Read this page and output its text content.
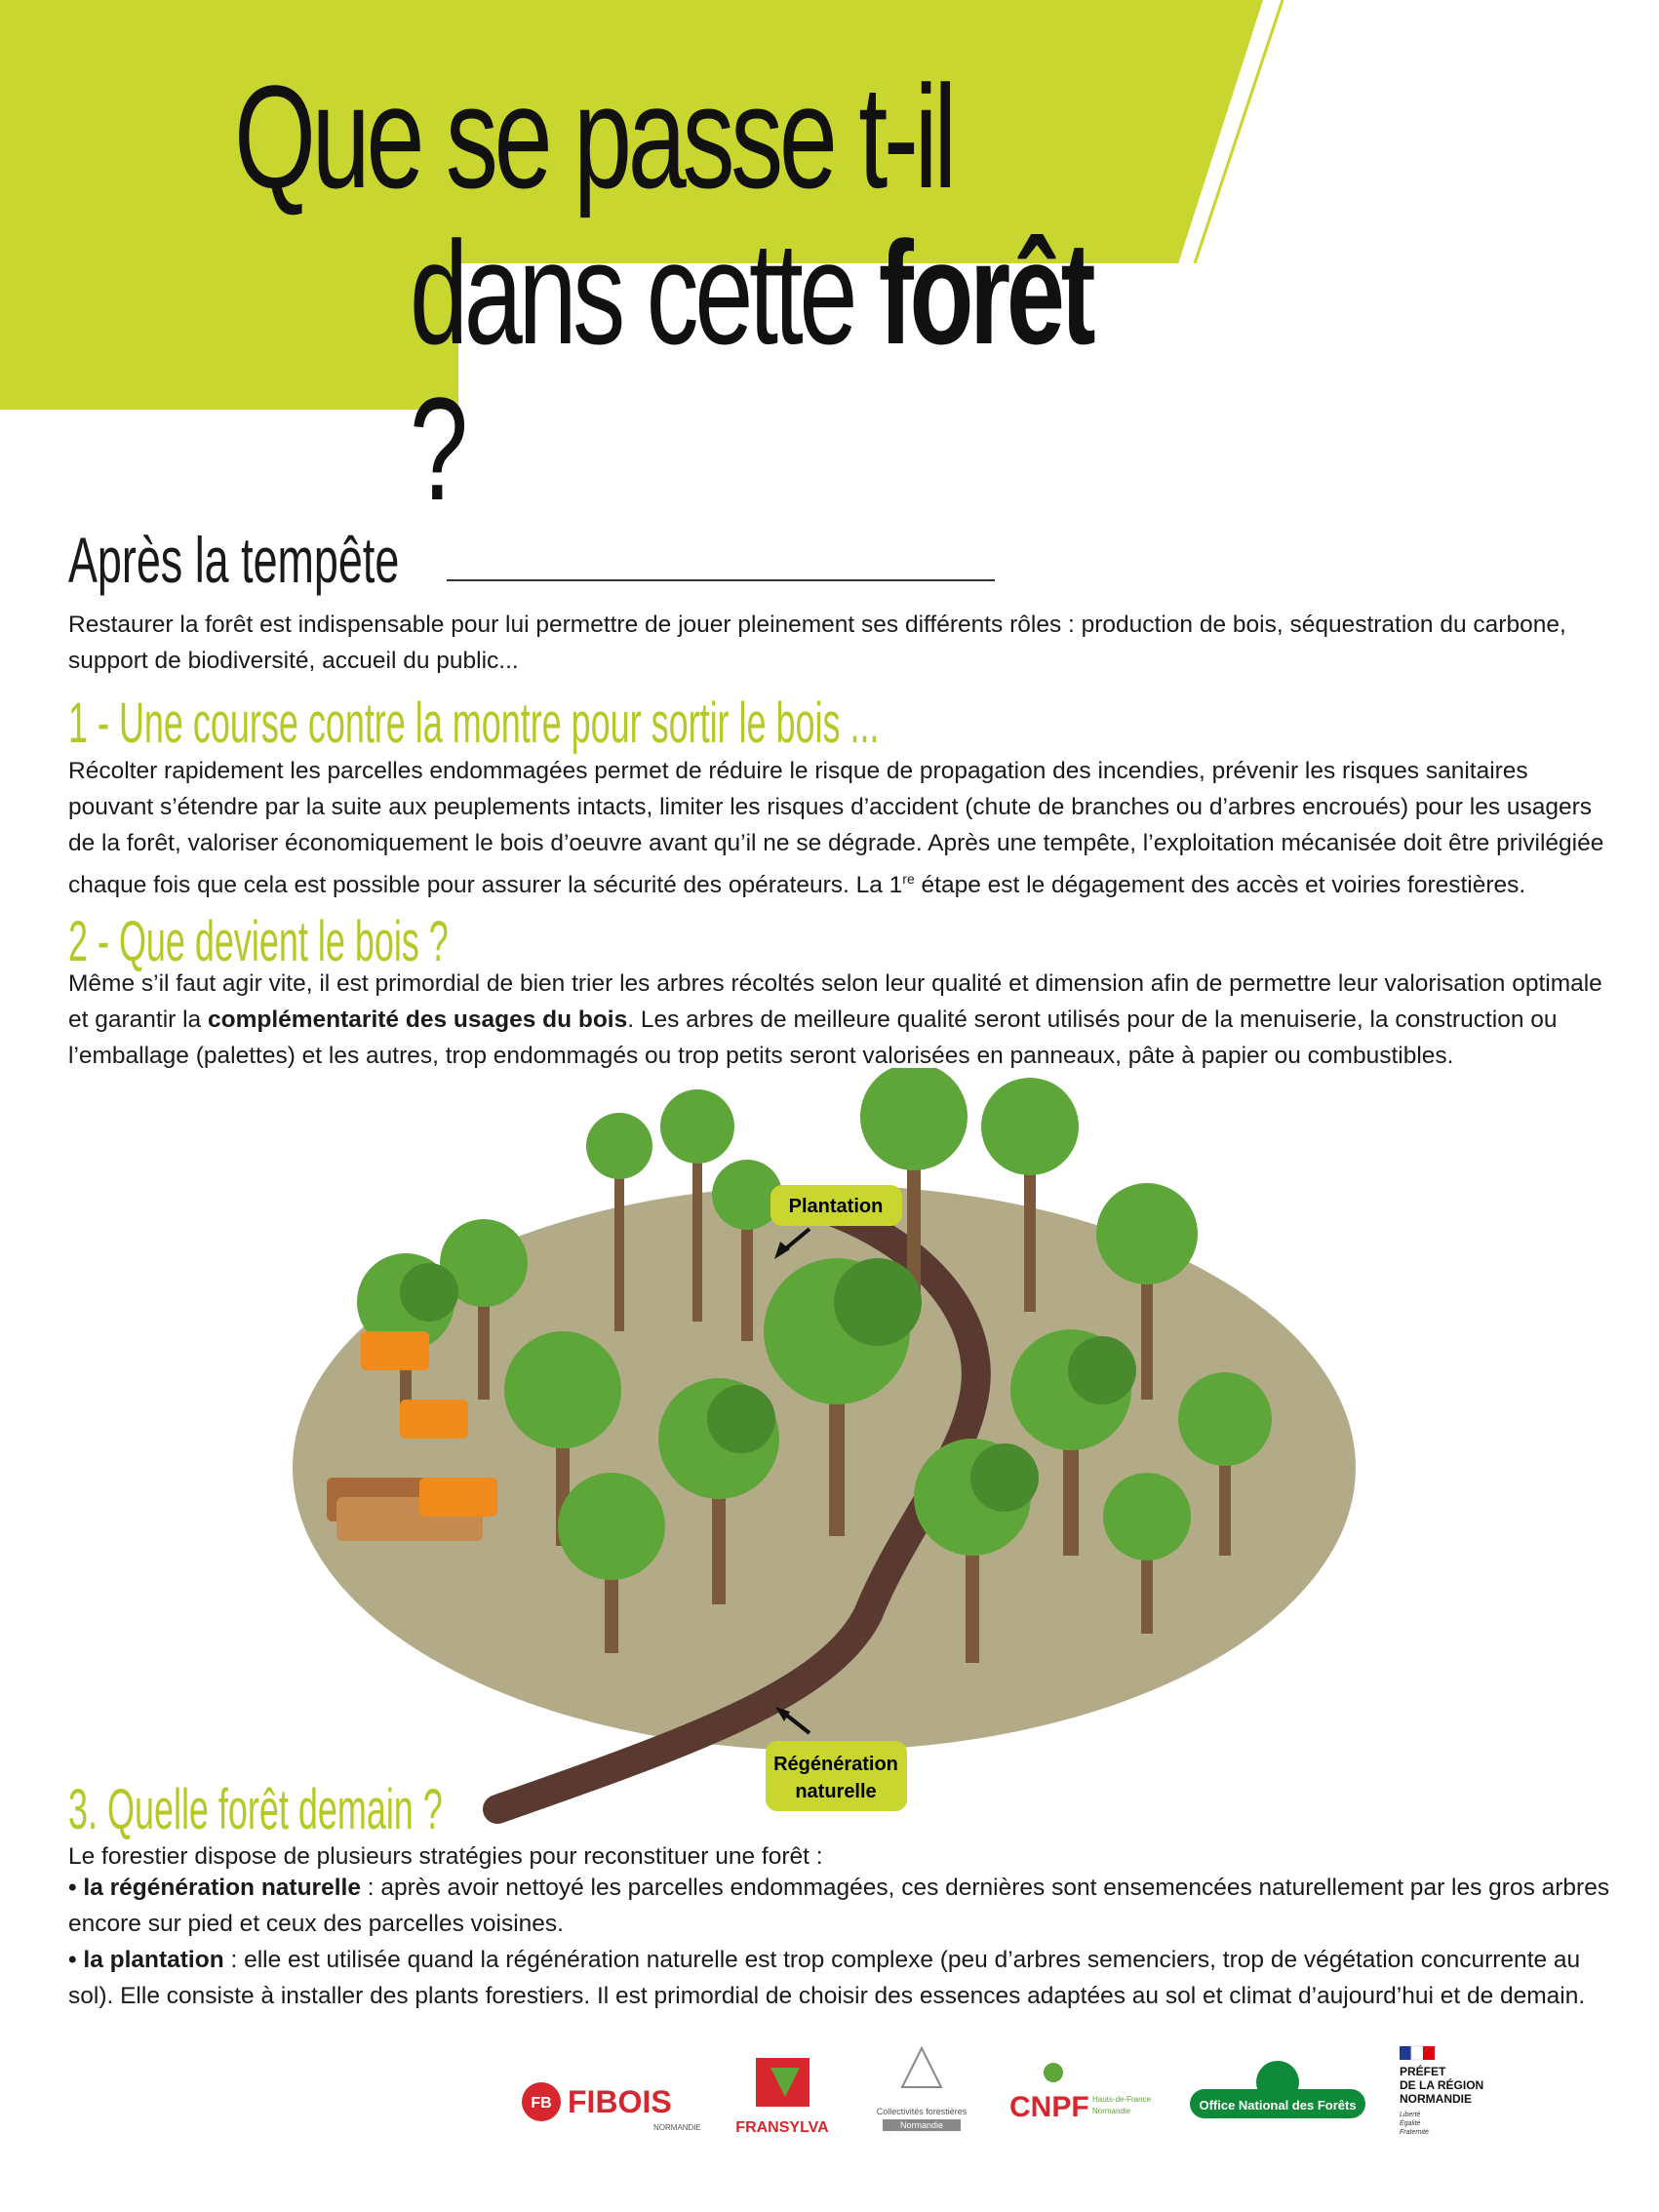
Que se passe t-il
dans cette forêt ?
Après la tempête
Restaurer la forêt est indispensable pour lui permettre de jouer pleinement ses différents rôles : production de bois, séquestration du carbone, support de biodiversité, accueil du public...
1 - Une course contre la montre pour sortir le bois ...
Récolter rapidement les parcelles endommagées permet de réduire le risque de propagation des incendies, prévenir les risques sanitaires pouvant s’étendre par la suite aux peuplements intacts, limiter les risques d’accident (chute de branches ou d’arbres encroués) pour les usagers de la forêt, valoriser économiquement le bois d’oeuvre avant qu’il ne se dégrade. Après une tempête, l’exploitation mécanisée doit être privilégiée chaque fois que cela est possible pour assurer la sécurité des opérateurs. La 1re étape est le dégagement des accès et voiries forestières.
2 - Que devient le bois ?
Même s’il faut agir vite, il est primordial de bien trier les arbres récoltés selon leur qualité et dimension afin de permettre leur valorisation optimale et garantir la complémentarité des usages du bois. Les arbres de meilleure qualité seront utilisés pour de la menuiserie, la construction ou l’emballage (palettes) et les autres, trop endommagés ou trop petits seront valorisées en panneaux, pâte à papier ou combustibles.
Plantation
Régénération
naturelle
3. Quelle forêt demain ?
Le forestier dispose de plusieurs stratégies pour reconstituer une forêt :
• la régénération naturelle : après avoir nettoyé les parcelles endommagées, ces dernières sont ensemencées naturellement par les gros arbres encore sur pied et ceux des parcelles voisines.
• la plantation : elle est utilisée quand la régénération naturelle est trop complexe (peu d’arbres semenciers, trop de végétation concurrente au sol). Elle consiste à installer des plants forestiers. Il est primordial de choisir des essences adaptées au sol et climat d’aujourd’hui et de demain.
FB FIBOIS
NORMANDIE FRANSYLVA
Collectivités forestières
Normandie
CNPF Hauts-de-France
Normandie	Office National des Forêts
PRÉFET
DE LA RÉGION
NORMANDIE
Liberté
Égalité
Fraternité
